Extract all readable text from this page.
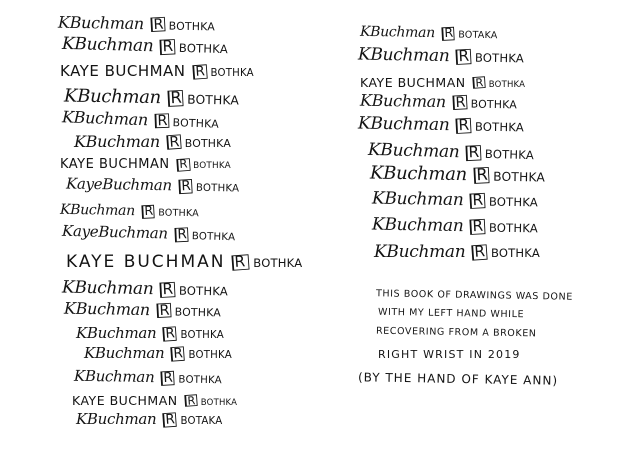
KBuchman R BOTHKA
KBuchman R BOTHKA
KAYE BUCHMAN R BOTHKA
KBuchman R BOTHKA
KBuchman R BOTHKA
KBuchman R BOTHKA
KAYE BUCHMAN R BOTHKA
KayeBuchman R BOTHKA
KBuchman R BOTHKA
KayeBuchman R BOTHKA
KAYE BUCHMAN R BOTHKA
KBuchman R BOTHKA
KBuchman R BOTHKA
KBuchman R BOTHKA
KBuchman R BOTHKA
KBuchman R BOTHKA
KAYE BUCHMAN R BOTHKA
KBuchman R BOTAKA
KBuchman R BOTAKA
KBuchman R BOTHKA
KAYE BUCHMAN R BOTHKA
KBuchman R BOTHKA
KBuchman R BOTHKA
KBuchman R BOTHKA
KBuchman R BOTHKA
KBuchman R BOTHKA
KBuchman R BOTHKA
KBuchman R BOTHKA
THIS BOOK OF DRAWINGS WAS DONE
WITH MY LEFT HAND WHILE
RECOVERING FROM A BROKEN
RIGHT WRIST IN 2019
(BY THE HAND OF KAYE ANN)
